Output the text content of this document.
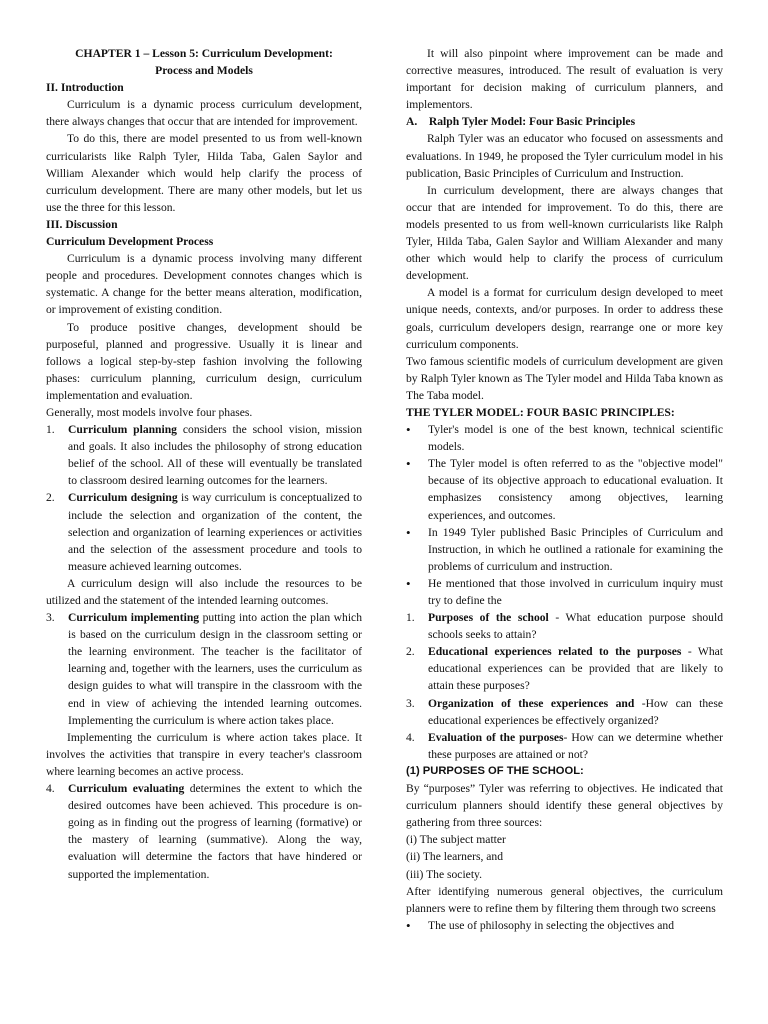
CHAPTER 1 – Lesson 5: Curriculum Development:

Process and Models

II. Introduction

Curriculum is a dynamic process curriculum development, there always changes that occur that are intended for improvement.

To do this, there are model presented to us from well-known curricularists like Ralph Tyler, Hilda Taba, Galen Saylor and William Alexander which would help clarify the process of curriculum development. There are many other models, but let us use the three for this lesson.

III. Discussion

Curriculum Development Process

Curriculum is a dynamic process involving many different people and procedures. Development connotes changes which is systematic. A change for the better means alteration, modification, or improvement of existing condition.

To produce positive changes, development should be purposeful, planned and progressive. Usually it is linear and follows a logical step-by-step fashion involving the following phases: curriculum planning, curriculum design, curriculum implementation and evaluation.

Generally, most models involve four phases.

1.	Curriculum planning considers the school vision, mission and goals. It also includes the philosophy of strong education belief of the school. All of these will eventually be translated to classroom desired learning outcomes for the learners.

2.	Curriculum designing is way curriculum is conceptualized to include the selection and organization of the content, the selection and organization of learning experiences or activities and the selection of the assessment procedure and tools to measure achieved learning outcomes.

A curriculum design will also include the resources to be utilized and the statement of the intended learning outcomes.

3.	Curriculum implementing putting into action the plan which is based on the curriculum design in the classroom setting or the learning environment. The teacher is the facilitator of learning and, together with the learners, uses the curriculum as design guides to what will transpire in the classroom with the end in view of achieving the intended learning outcomes. Implementing the curriculum is where action takes place.

Implementing the curriculum is where action takes place. It involves the activities that transpire in every teacher's classroom where learning becomes an active process.

4.	Curriculum evaluating determines the extent to which the desired outcomes have been achieved. This procedure is on-going as in finding out the progress of learning (formative) or the mastery of learning (summative). Along the way, evaluation will determine the factors that have hindered or supported the implementation.

It will also pinpoint where improvement can be made and corrective measures, introduced. The result of evaluation is very important for decision making of curriculum planners, and implementors.

A. Ralph Tyler Model: Four Basic Principles

Ralph Tyler was an educator who focused on assessments and evaluations. In 1949, he proposed the Tyler curriculum model in his publication, Basic Principles of Curriculum and Instruction.

In curriculum development, there are always changes that occur that are intended for improvement. To do this, there are models presented to us from well-known curricularists like Ralph Tyler, Hilda Taba, Galen Saylor and William Alexander and many other which would help to clarify the process of curriculum development.

A model is a format for curriculum design developed to meet unique needs, contexts, and/or purposes. In order to address these goals, curriculum developers design, rearrange one or more key curriculum components.

Two famous scientific models of curriculum development are given by Ralph Tyler known as The Tyler model and Hilda Taba known as The Taba model.

THE TYLER MODEL: FOUR BASIC PRINCIPLES:

•	Tyler's model is one of the best known, technical scientific models.

•	The Tyler model is often referred to as the "objective model" because of its objective approach to educational evaluation. It emphasizes consistency among objectives, learning experiences, and outcomes.

•	In 1949 Tyler published Basic Principles of Curriculum and Instruction, in which he outlined a rationale for examining the problems of curriculum and instruction.

•	He mentioned that those involved in curriculum inquiry must try to define the

1.	Purposes of the school - What education purpose should schools seeks to attain?

2.	Educational experiences related to the purposes - What educational experiences can be provided that are likely to attain these purposes?

3.	Organization of these experiences and -How can these educational experiences be effectively organized?

4.	Evaluation of the purposes- How can we determine whether these purposes are attained or not?

(1) PURPOSES OF THE SCHOOL:

By “purposes” Tyler was referring to objectives. He indicated that curriculum planners should identify these general objectives by gathering from three sources:

(i) The subject matter

(ii) The learners, and

(iii) The society.

After identifying numerous general objectives, the curriculum planners were to refine them by filtering them through two screens

•	The use of philosophy in selecting the objectives and
